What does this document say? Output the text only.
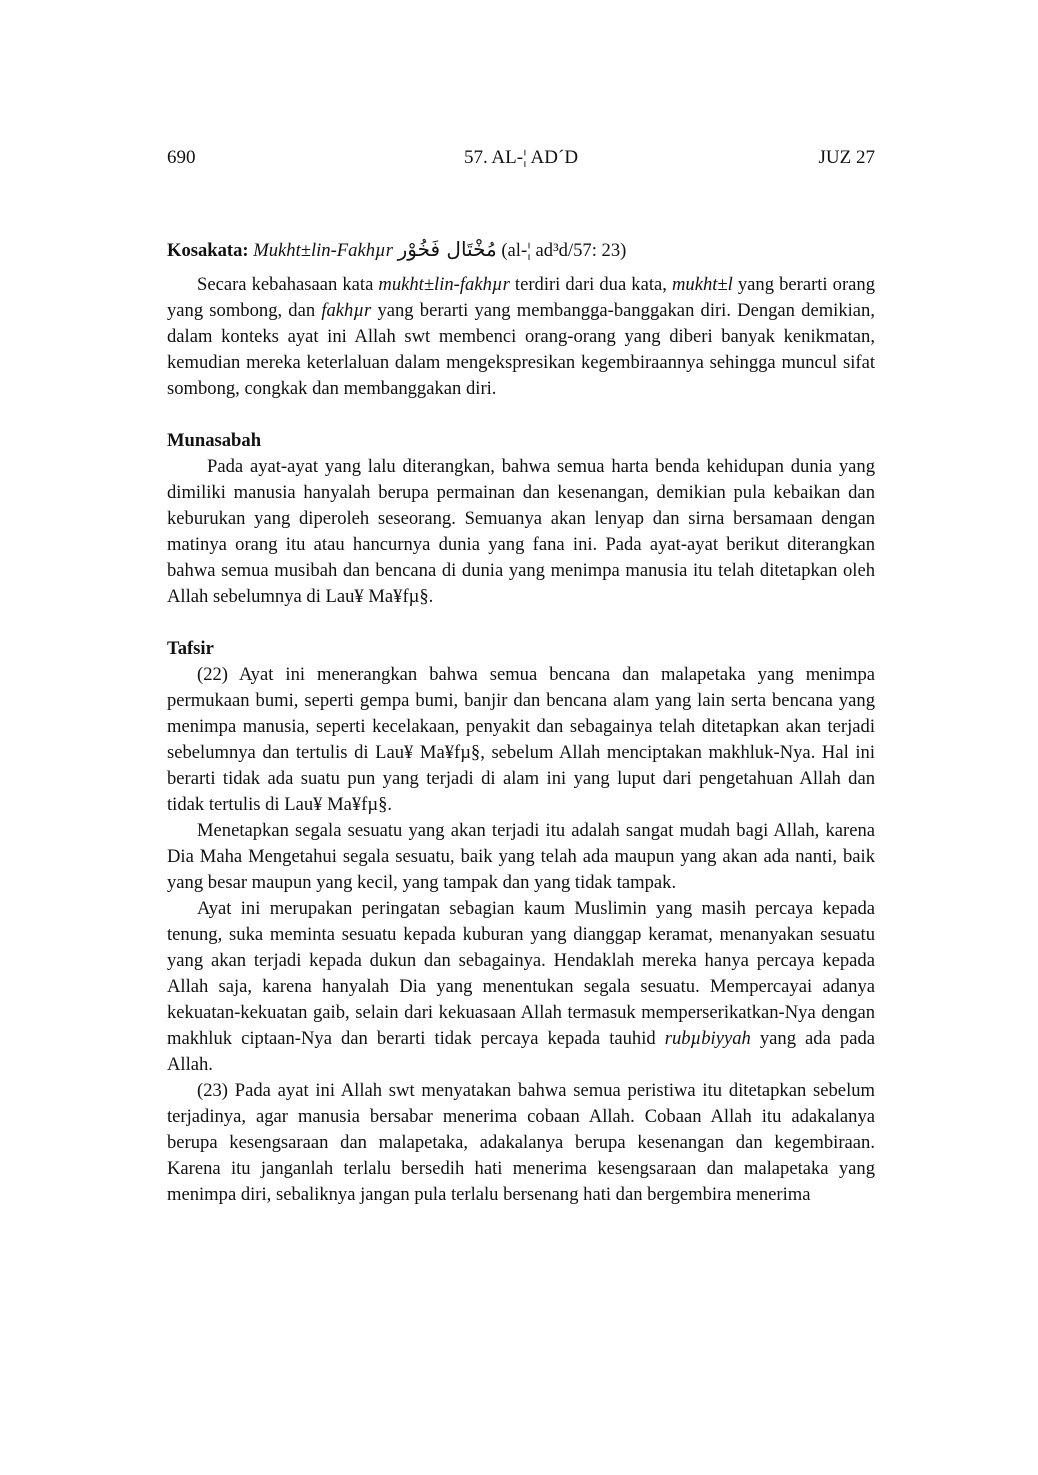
690	57. AL-¦ AD´D	JUZ 27

Kosakata: Mukht±lin-Fakhµr مُخْتَال فَخُوْر (al-¦ ad³d/57: 23)

Secara kebahasaan kata mukht±lin-fakhµr terdiri dari dua kata, mukht±l yang berarti orang yang sombong, dan fakhµr yang berarti yang membangga-banggakan diri. Dengan demikian, dalam konteks ayat ini Allah swt membenci orang-orang yang diberi banyak kenikmatan, kemudian mereka keterlaluan dalam mengekspresikan kegembiraannya sehingga muncul sifat sombong, congkak dan membanggakan diri.

Munasabah

Pada ayat-ayat yang lalu diterangkan, bahwa semua harta benda kehidupan dunia yang dimiliki manusia hanyalah berupa permainan dan kesenangan, demikian pula kebaikan dan keburukan yang diperoleh seseorang. Semuanya akan lenyap dan sirna bersamaan dengan matinya orang itu atau hancurnya dunia yang fana ini. Pada ayat-ayat berikut diterangkan bahwa semua musibah dan bencana di dunia yang menimpa manusia itu telah ditetapkan oleh Allah sebelumnya di Lau¥ Ma¥fµ§.

Tafsir

(22) Ayat ini menerangkan bahwa semua bencana dan malapetaka yang menimpa permukaan bumi, seperti gempa bumi, banjir dan bencana alam yang lain serta bencana yang menimpa manusia, seperti kecelakaan, penyakit dan sebagainya telah ditetapkan akan terjadi sebelumnya dan tertulis di Lau¥ Ma¥fµ§, sebelum Allah menciptakan makhluk-Nya. Hal ini berarti tidak ada suatu pun yang terjadi di alam ini yang luput dari pengetahuan Allah dan tidak tertulis di Lau¥ Ma¥fµ§.

Menetapkan segala sesuatu yang akan terjadi itu adalah sangat mudah bagi Allah, karena Dia Maha Mengetahui segala sesuatu, baik yang telah ada maupun yang akan ada nanti, baik yang besar maupun yang kecil, yang tampak dan yang tidak tampak.

Ayat ini merupakan peringatan sebagian kaum Muslimin yang masih percaya kepada tenung, suka meminta sesuatu kepada kuburan yang dianggap keramat, menanyakan sesuatu yang akan terjadi kepada dukun dan sebagainya. Hendaklah mereka hanya percaya kepada Allah saja, karena hanyalah Dia yang menentukan segala sesuatu. Mempercayai adanya kekuatan-kekuatan gaib, selain dari kekuasaan Allah termasuk memperserikatkan-Nya dengan makhluk ciptaan-Nya dan berarti tidak percaya kepada tauhid rubµbiyyah yang ada pada Allah.

(23) Pada ayat ini Allah swt menyatakan bahwa semua peristiwa itu ditetapkan sebelum terjadinya, agar manusia bersabar menerima cobaan Allah. Cobaan Allah itu adakalanya berupa kesengsaraan dan malapetaka, adakalanya berupa kesenangan dan kegembiraan. Karena itu janganlah terlalu bersedih hati menerima kesengsaraan dan malapetaka yang menimpa diri, sebaliknya jangan pula terlalu bersenang hati dan bergembira menerima
